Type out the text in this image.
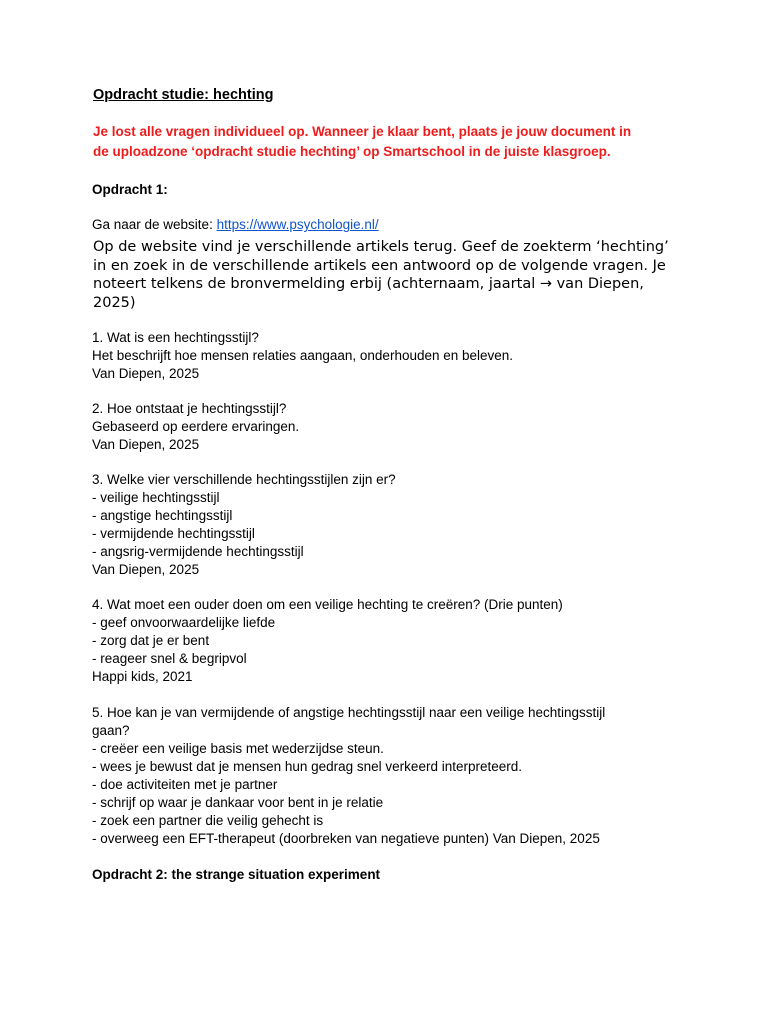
Opdracht studie: hechting
Je lost alle vragen individueel op. Wanneer je klaar bent, plaats je jouw document in
de uploadzone ‘opdracht studie hechting’ op Smartschool in de juiste klasgroep.
Opdracht 1:
Ga naar de website: https://www.psychologie.nl/
Op de website vind je verschillende artikels terug. Geef de zoekterm ‘hechting’
in en zoek in de verschillende artikels een antwoord op de volgende vragen. Je
noteert telkens de bronvermelding erbij (achternaam, jaartal → van Diepen,
2025)
1. Wat is een hechtingsstijl?
Het beschrijft hoe mensen relaties aangaan, onderhouden en beleven.
Van Diepen, 2025
2. Hoe ontstaat je hechtingsstijl?
Gebaseerd op eerdere ervaringen.
Van Diepen, 2025
3. Welke vier verschillende hechtingsstijlen zijn er?
- veilige hechtingsstijl
- angstige hechtingsstijl
- vermijdende hechtingsstijl
- angsrig-vermijdende hechtingsstijl
Van Diepen, 2025
4. Wat moet een ouder doen om een veilige hechting te creëren? (Drie punten)
- geef onvoorwaardelijke liefde
- zorg dat je er bent
- reageer snel & begripvol
Happi kids, 2021
5. Hoe kan je van vermijdende of angstige hechtingsstijl naar een veilige hechtingsstijl
gaan?
- creëer een veilige basis met wederzijdse steun.
- wees je bewust dat je mensen hun gedrag snel verkeerd interpreteerd.
- doe activiteiten met je partner
- schrijf op waar je dankaar voor bent in je relatie
- zoek een partner die veilig gehecht is
- overweeg een EFT-therapeut (doorbreken van negatieve punten) Van Diepen, 2025
Opdracht 2: the strange situation experiment
